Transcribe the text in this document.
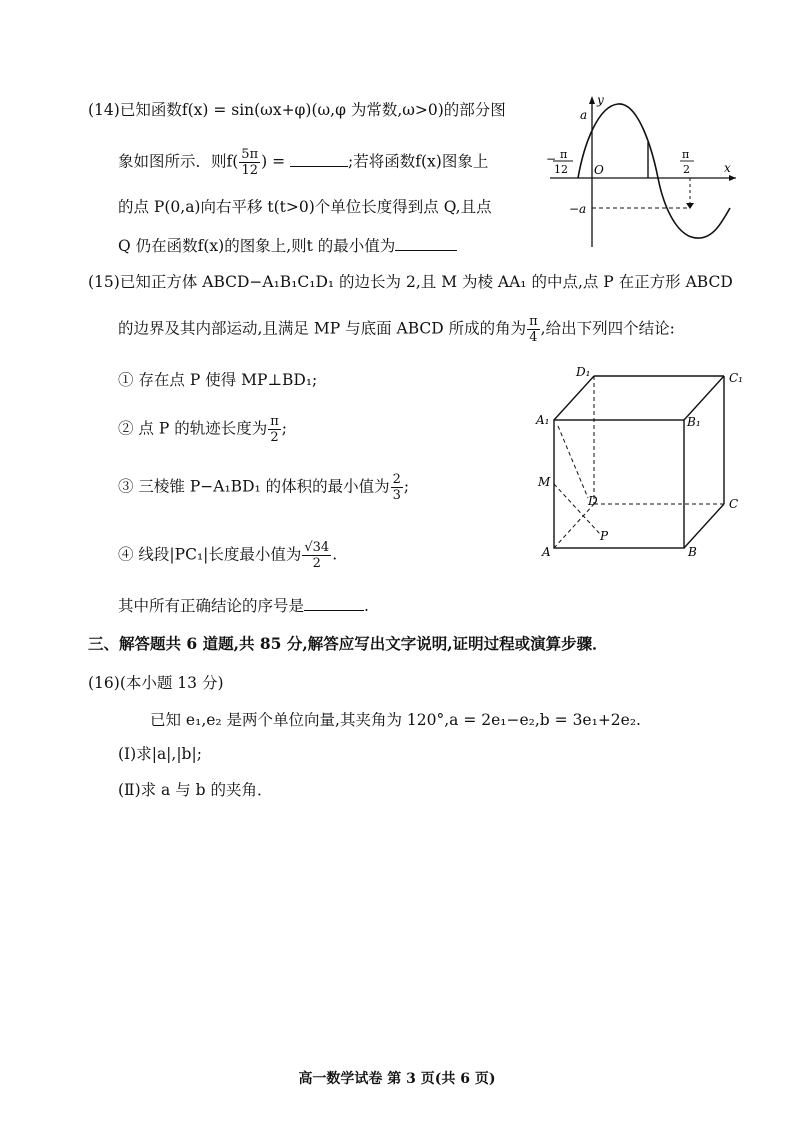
(14)已知函数f(x) = sin(ωx+φ)(ω,φ 为常数,ω>0)的部分图
象如图所示．则$f( \frac{5\pi}{12}$ ) =	;若将函数f(x)图象上
的点 P(0,a)向右平移 t(t>0)个单位长度得到点 Q,且点
Q 仍在函数f(x)的图象上,则t 的最小值为
y
x
a
O
−a
− π
12
π
2
(15)已知正方体 ABCD−A₁B₁C₁D₁ 的边长为 2,且 M 为棱 AA₁ 的中点,点 P 在正方形 ABCD
的边界及其内部运动,且满足 MP 与底面 ABCD 所成的角为 $\frac{\pi}{4}$ ,给出下列四个结论:
① 存在点 P 使得 MP⊥BD₁;
② 点 P 的轨迹长度为 $\frac{\pi}{2}$ ;
③ 三棱锥 P−A₁BD₁ 的体积的最小值为 $\frac{2}{3}$ ;
④ 线段|PC₁|长度最小值为 $\frac{√34}{2}$ .
其中所有正确结论的序号是	.
D₁	C₁
A₁	B₁
M
D	C
P
A	B
三、解答题共 6 道题,共 85 分,解答应写出文字说明,证明过程或演算步骤．
(16)(本小题 13 分)
已知 e₁,e₂ 是两个单位向量,其夹角为 120°,a = 2e₁−e₂,b = 3e₁+2e₂.
(Ⅰ)求|a|,|b|;
(Ⅱ)求 a 与 b 的夹角．
高一数学试卷 第 3 页(共 6 页)
